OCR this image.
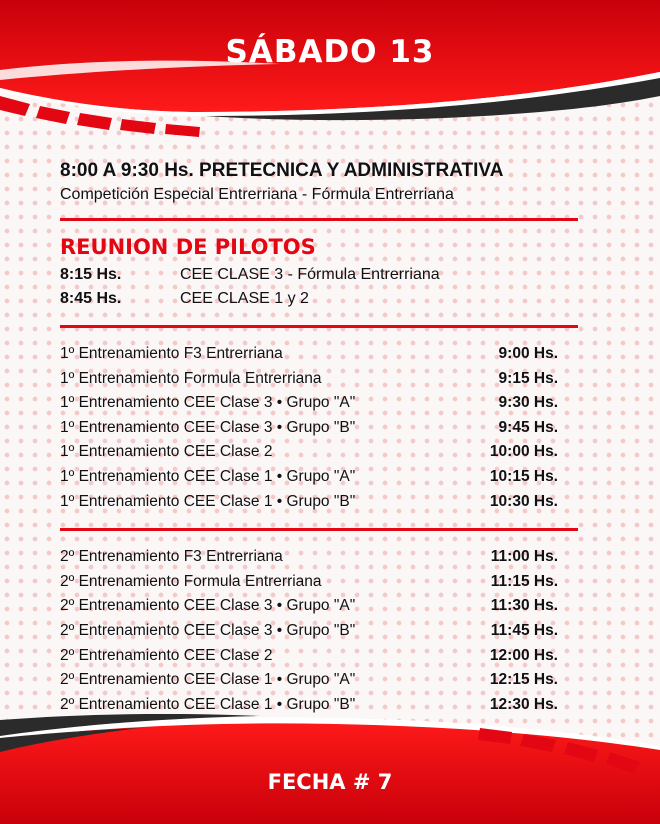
SÁBADO 13
8:00 A 9:30 Hs. PRETECNICA Y ADMINISTRATIVA
Competición Especial Entrerriana - Fórmula Entrerriana
REUNION DE PILOTOS
8:15 Hs.	CEE CLASE 3 - Fórmula Entrerriana
8:45 Hs.	CEE CLASE 1 y 2
1º Entrenamiento F3 Entrerriana	9:00 Hs.
1º Entrenamiento Formula Entrerriana	9:15 Hs.
1º Entrenamiento CEE Clase 3 • Grupo "A"	9:30 Hs.
1º Entrenamiento CEE Clase 3 • Grupo "B"	9:45 Hs.
1º Entrenamiento CEE Clase 2	10:00 Hs.
1º Entrenamiento CEE Clase 1 • Grupo "A"	10:15 Hs.
1º Entrenamiento CEE Clase 1 • Grupo "B"	10:30 Hs.
2º Entrenamiento F3 Entrerriana	11:00 Hs.
2º Entrenamiento Formula Entrerriana	11:15 Hs.
2º Entrenamiento CEE Clase 3 • Grupo "A"	11:30 Hs.
2º Entrenamiento CEE Clase 3 • Grupo "B"	11:45 Hs.
2º Entrenamiento CEE Clase 2	12:00 Hs.
2º Entrenamiento CEE Clase 1 • Grupo "A"	12:15 Hs.
2º Entrenamiento CEE Clase 1 • Grupo "B"	12:30 Hs.
FECHA # 7
